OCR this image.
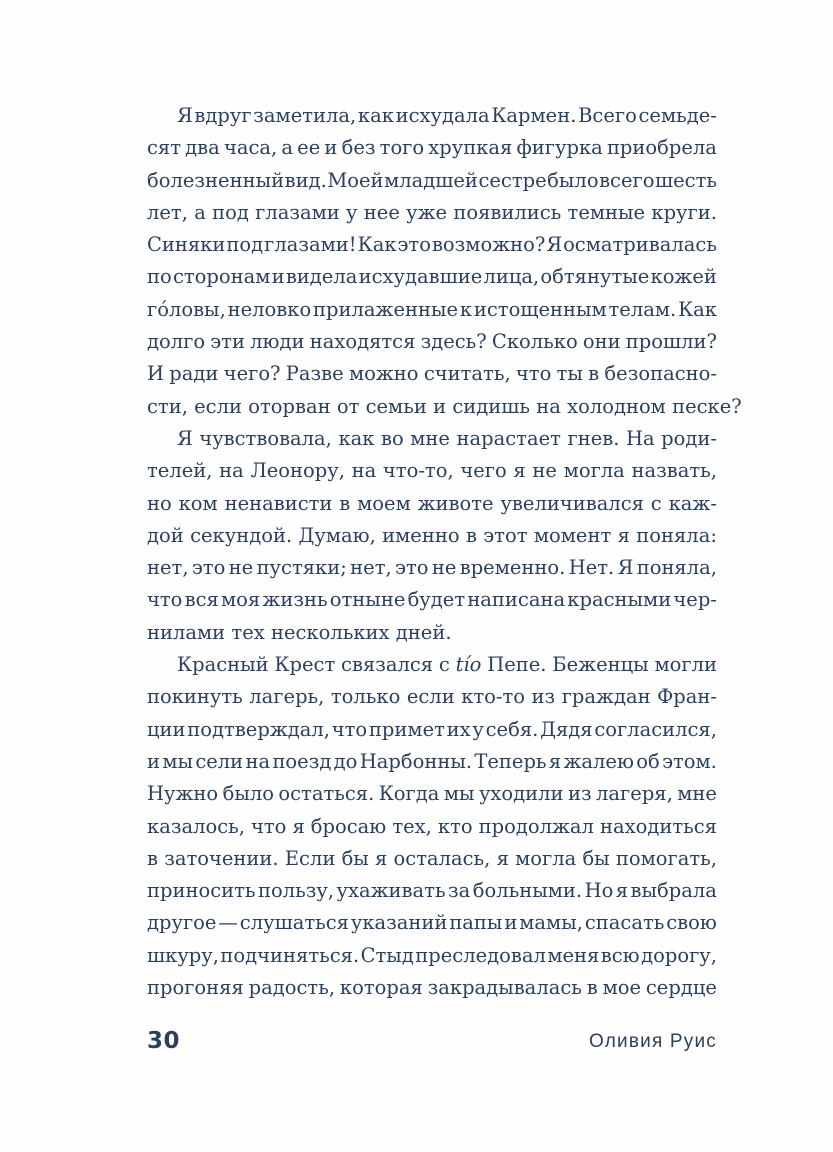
Я вдруг заметила, как исхудала Кармен. Всего семьде-
сят два часа, а ее и без того хрупкая фигурка приобрела
болезненный вид. Моей младшей сестре было всего шесть
лет, а под глазами у нее уже появились темные круги.
Синяки под глазами! Как это возможно? Я осматривалась
по сторонам и видела исхудавшие лица, обтянутые кожей
гóловы, неловко прилаженные к истощенным телам. Как
долго эти люди находятся здесь? Сколько они прошли?
И ради чего? Разве можно считать, что ты в безопасно-
сти, если оторван от семьи и сидишь на холодном песке?
Я чувствовала, как во мне нарастает гнев. На роди-
телей, на Леонору, на что-то, чего я не могла назвать,
но ком ненависти в моем животе увеличивался с каж-
дой секундой. Думаю, именно в этот момент я поняла:
нет, это не пустяки; нет, это не временно. Нет. Я поняла,
что вся моя жизнь отныне будет написана красными чер-
нилами тех нескольких дней.
Красный Крест связался с tío Пепе. Беженцы могли
покинуть лагерь, только если кто-то из граждан Фран-
ции подтверждал, что примет их у себя. Дядя согласился,
и мы сели на поезд до Нарбонны. Теперь я жалею об этом.
Нужно было остаться. Когда мы уходили из лагеря, мне
казалось, что я бросаю тех, кто продолжал находиться
в заточении. Если бы я осталась, я могла бы помогать,
приносить пользу, ухаживать за больными. Но я выбрала
другое — слушаться указаний папы и мамы, спасать свою
шкуру, подчиняться. Стыд преследовал меня всю дорогу,
прогоняя радость, которая закрадывалась в мое сердце
30	Оливия Руис
